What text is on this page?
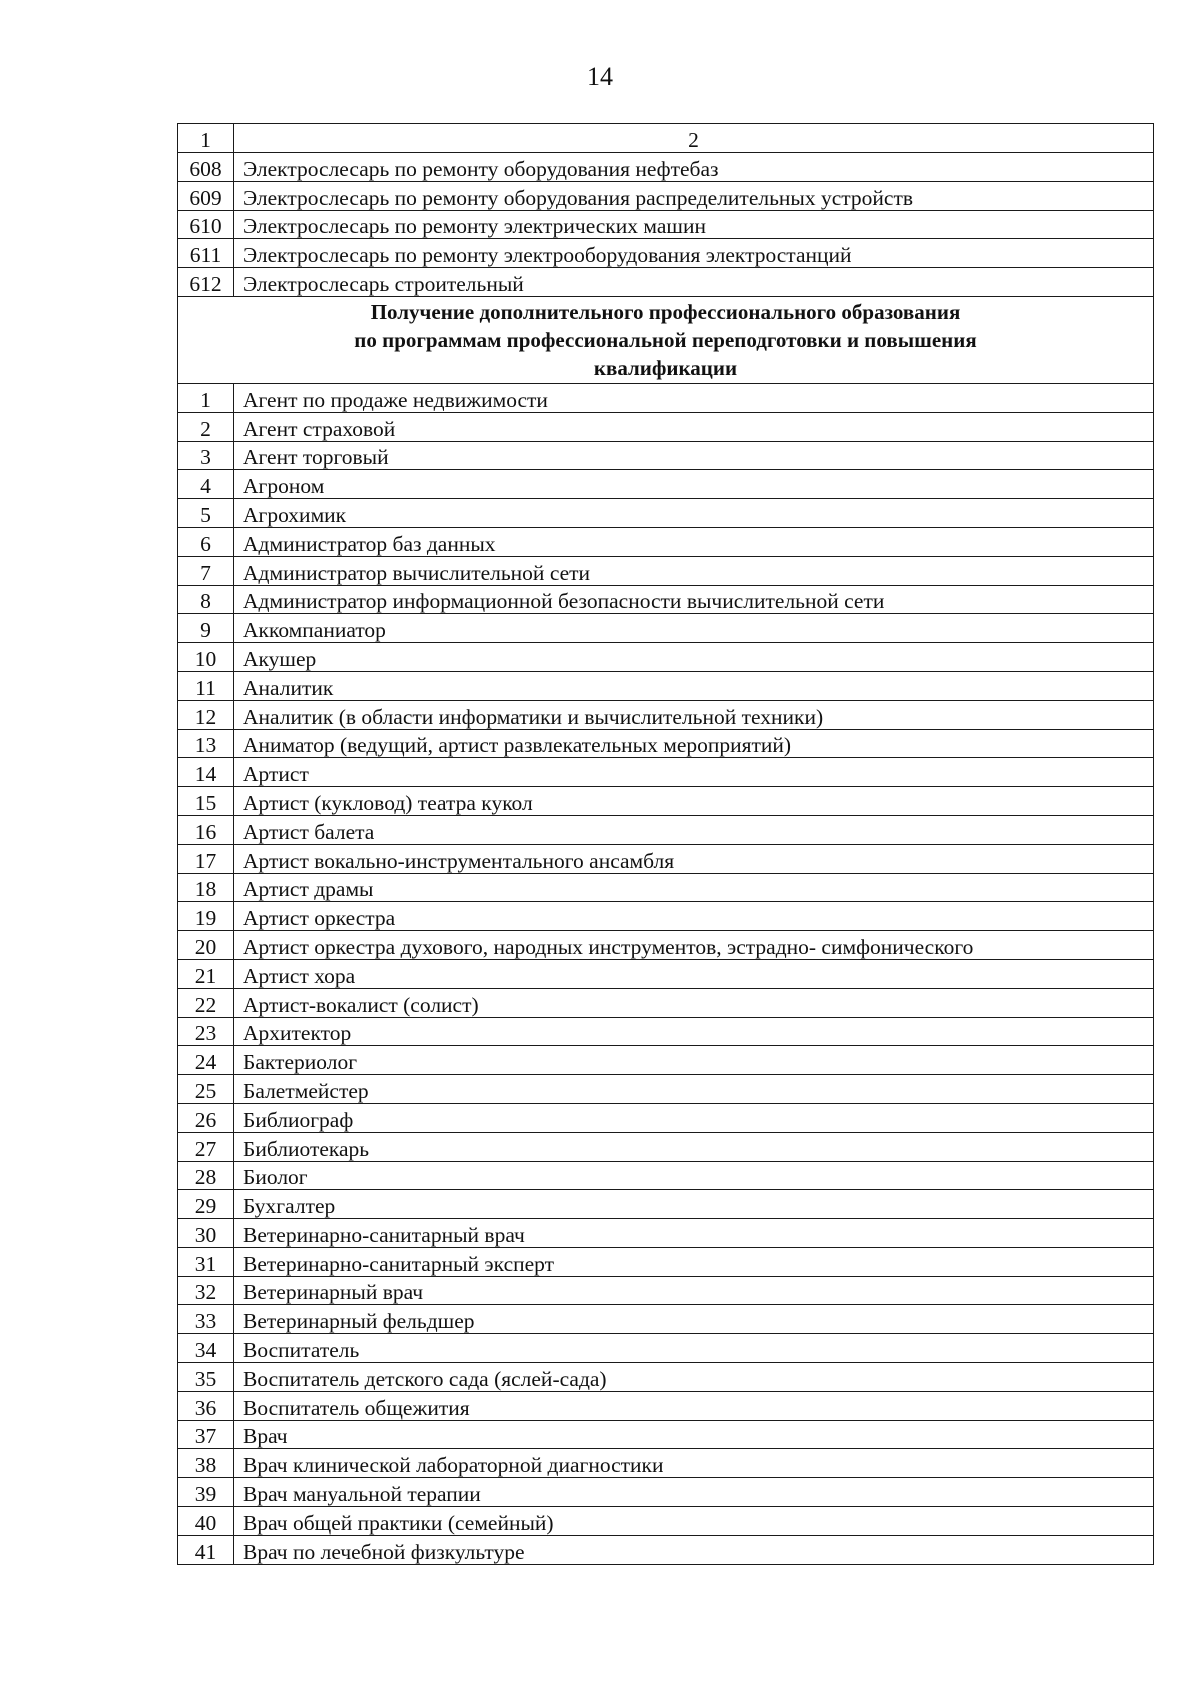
14
1	2
608	Электрослесарь по ремонту оборудования нефтебаз
609	Электрослесарь по ремонту оборудования распределительных устройств
610	Электрослесарь по ремонту электрических машин
611	Электрослесарь по ремонту электрооборудования электростанций
612	Электрослесарь строительный

Получение дополнительного профессионального образования
по программам профессиональной переподготовки и повышения
квалификации	

1	Агент по продаже недвижимости
2	Агент страховой
3	Агент торговый
4	Агроном
5	Агрохимик
6	Администратор баз данных
7	Администратор вычислительной сети
8	Администратор информационной безопасности вычислительной сети
9	Аккомпаниатор
10	Акушер
11	Аналитик
12	Аналитик (в области информатики и вычислительной техники)
13	Аниматор (ведущий, артист развлекательных мероприятий)
14	Артист
15	Артист (кукловод) театра кукол
16	Артист балета
17	Артист вокально-инструментального ансамбля
18	Артист драмы
19	Артист оркестра
20	Артист оркестра духового, народных инструментов, эстрадно- симфонического
21	Артист хора
22	Артист-вокалист (солист)
23	Архитектор
24	Бактериолог
25	Балетмейстер
26	Библиограф
27	Библиотекарь
28	Биолог
29	Бухгалтер
30	Ветеринарно-санитарный врач
31	Ветеринарно-санитарный эксперт
32	Ветеринарный врач
33	Ветеринарный фельдшер
34	Воспитатель
35	Воспитатель детского сада (яслей-сада)
36	Воспитатель общежития
37	Врач
38	Врач клинической лабораторной диагностики
39	Врач мануальной терапии
40	Врач общей практики (семейный)
41	Врач по лечебной физкультуре
